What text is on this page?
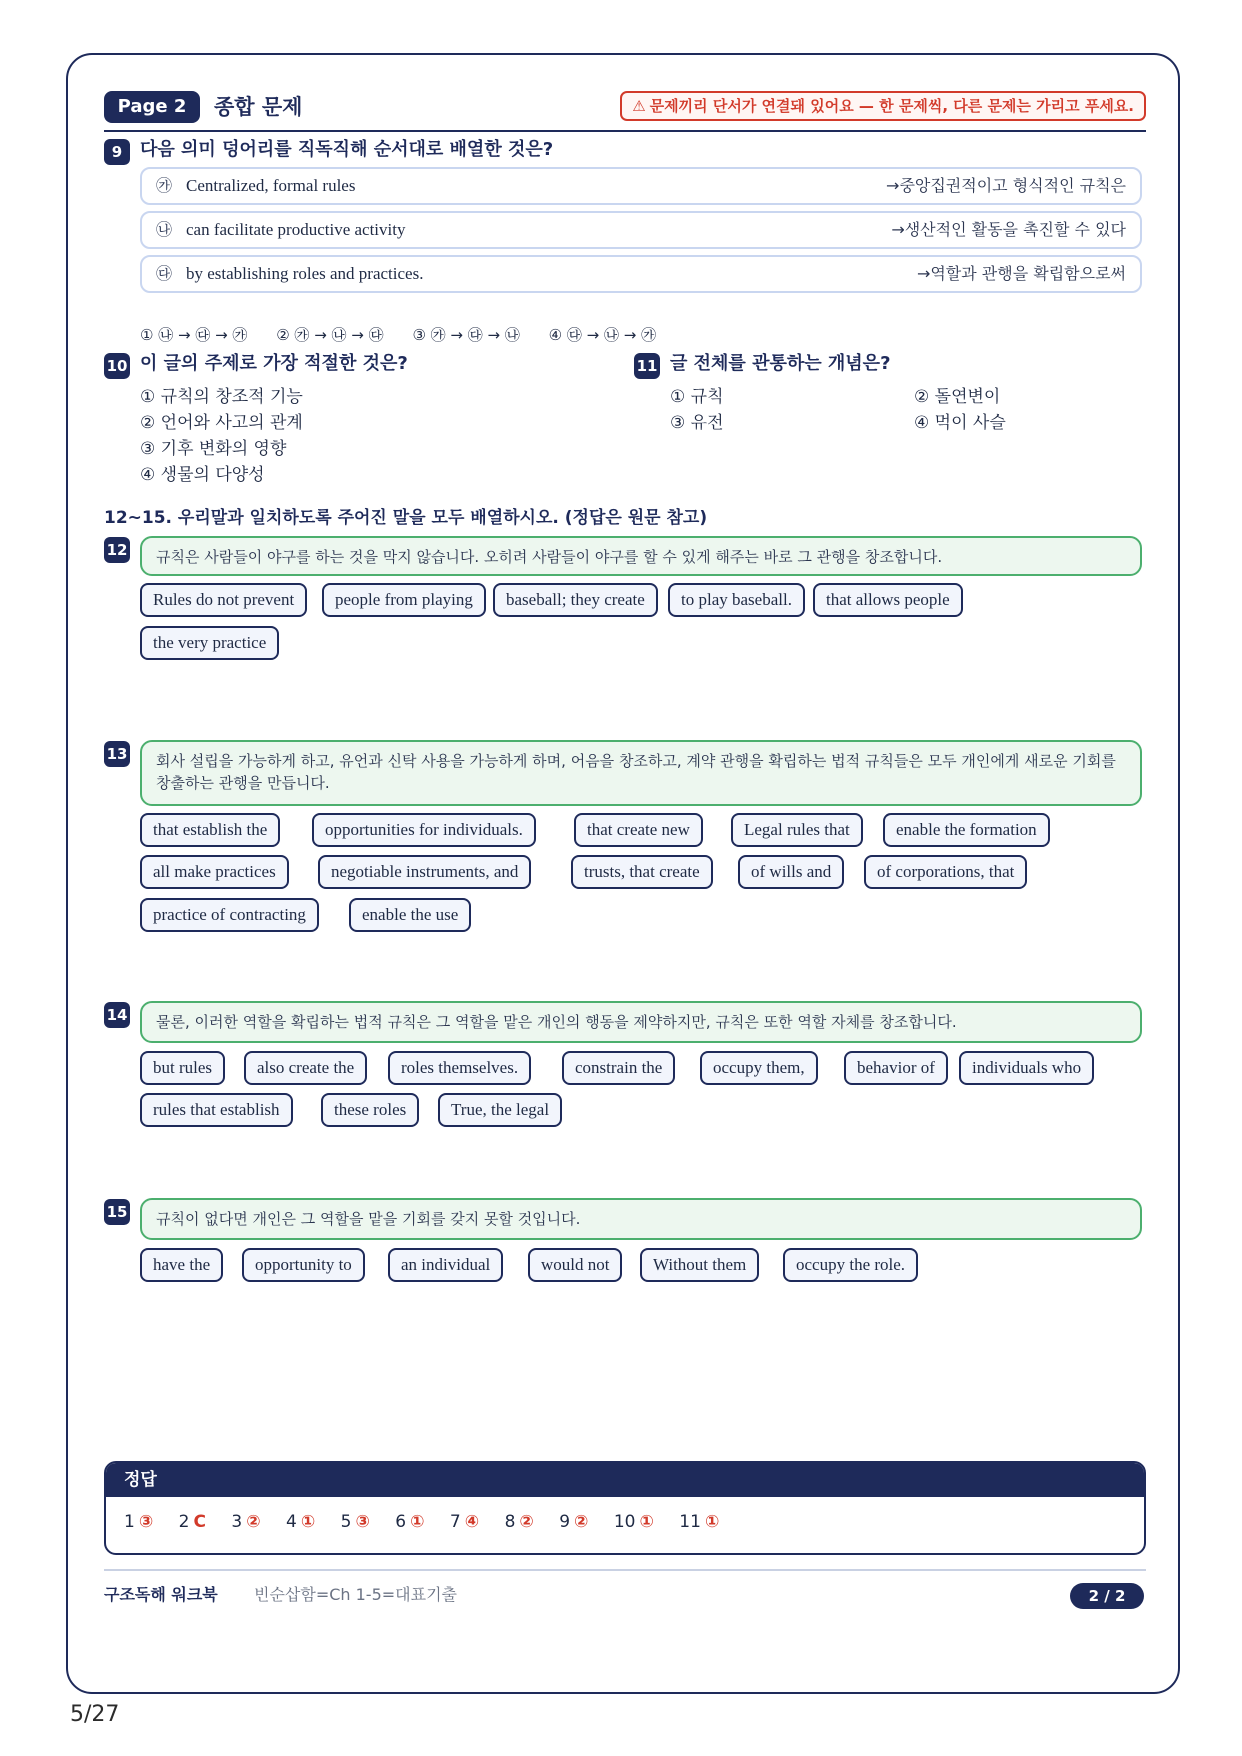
Page 2	종합 문제	⚠ 문제끼리 단서가 연결돼 있어요 — 한 문제씩, 다른 문제는 가리고 푸세요.
9 다음 의미 덩어리를 직독직해 순서대로 배열한 것은?
㉮ Centralized, formal rules	→중앙집권적이고 형식적인 규칙은
㉯ can facilitate productive activity	→생산적인 활동을 촉진할 수 있다
㉰ by establishing roles and practices.	→역할과 관행을 확립함으로써
① ㉯ → ㉰ → ㉮ ② ㉮ → ㉯ → ㉰ ③ ㉮ → ㉰ → ㉯ ④ ㉰ → ㉯ → ㉮
10 이 글의 주제로 가장 적절한 것은?
① 규칙의 창조적 기능
② 언어와 사고의 관계
③ 기후 변화의 영향
④ 생물의 다양성
11 글 전체를 관통하는 개념은?
① 규칙	② 돌연변이
③ 유전	④ 먹이 사슬
12~15. 우리말과 일치하도록 주어진 말을 모두 배열하시오. (정답은 원문 참고)
12	규칙은 사람들이 야구를 하는 것을 막지 않습니다. 오히려 사람들이 야구를 할 수 있게 해주는 바로 그 관행을 창조합니다.
Rules do not prevent	people from playing	baseball; they create	to play baseball.	that allows people
the very practice
13	회사 설립을 가능하게 하고, 유언과 신탁 사용을 가능하게 하며, 어음을 창조하고, 계약 관행을 확립하는 법적 규칙들은 모두 개인에게 새로운 기회를 창출하는 관행을 만듭니다.
that establish the	opportunities for individuals.	that create new	Legal rules that	enable the formation
all make practices	negotiable instruments, and	trusts, that create	of wills and	of corporations, that
practice of contracting	enable the use
14	물론, 이러한 역할을 확립하는 법적 규칙은 그 역할을 맡은 개인의 행동을 제약하지만, 규칙은 또한 역할 자체를 창조합니다.
but rules	also create the	roles themselves.	constrain the	occupy them,	behavior of	individuals who
rules that establish	these roles	True, the legal
15	규칙이 없다면 개인은 그 역할을 맡을 기회를 갖지 못할 것입니다.
have the	opportunity to	an individual	would not	Without them	occupy the role.
정답
1 ③ 2 C 3 ② 4 ① 5 ③ 6 ① 7 ④ 8 ② 9 ② 10 ① 11 ①
구조독해 워크북 빈순삽함=Ch 1-5=대표기출	2 / 2
5/27
